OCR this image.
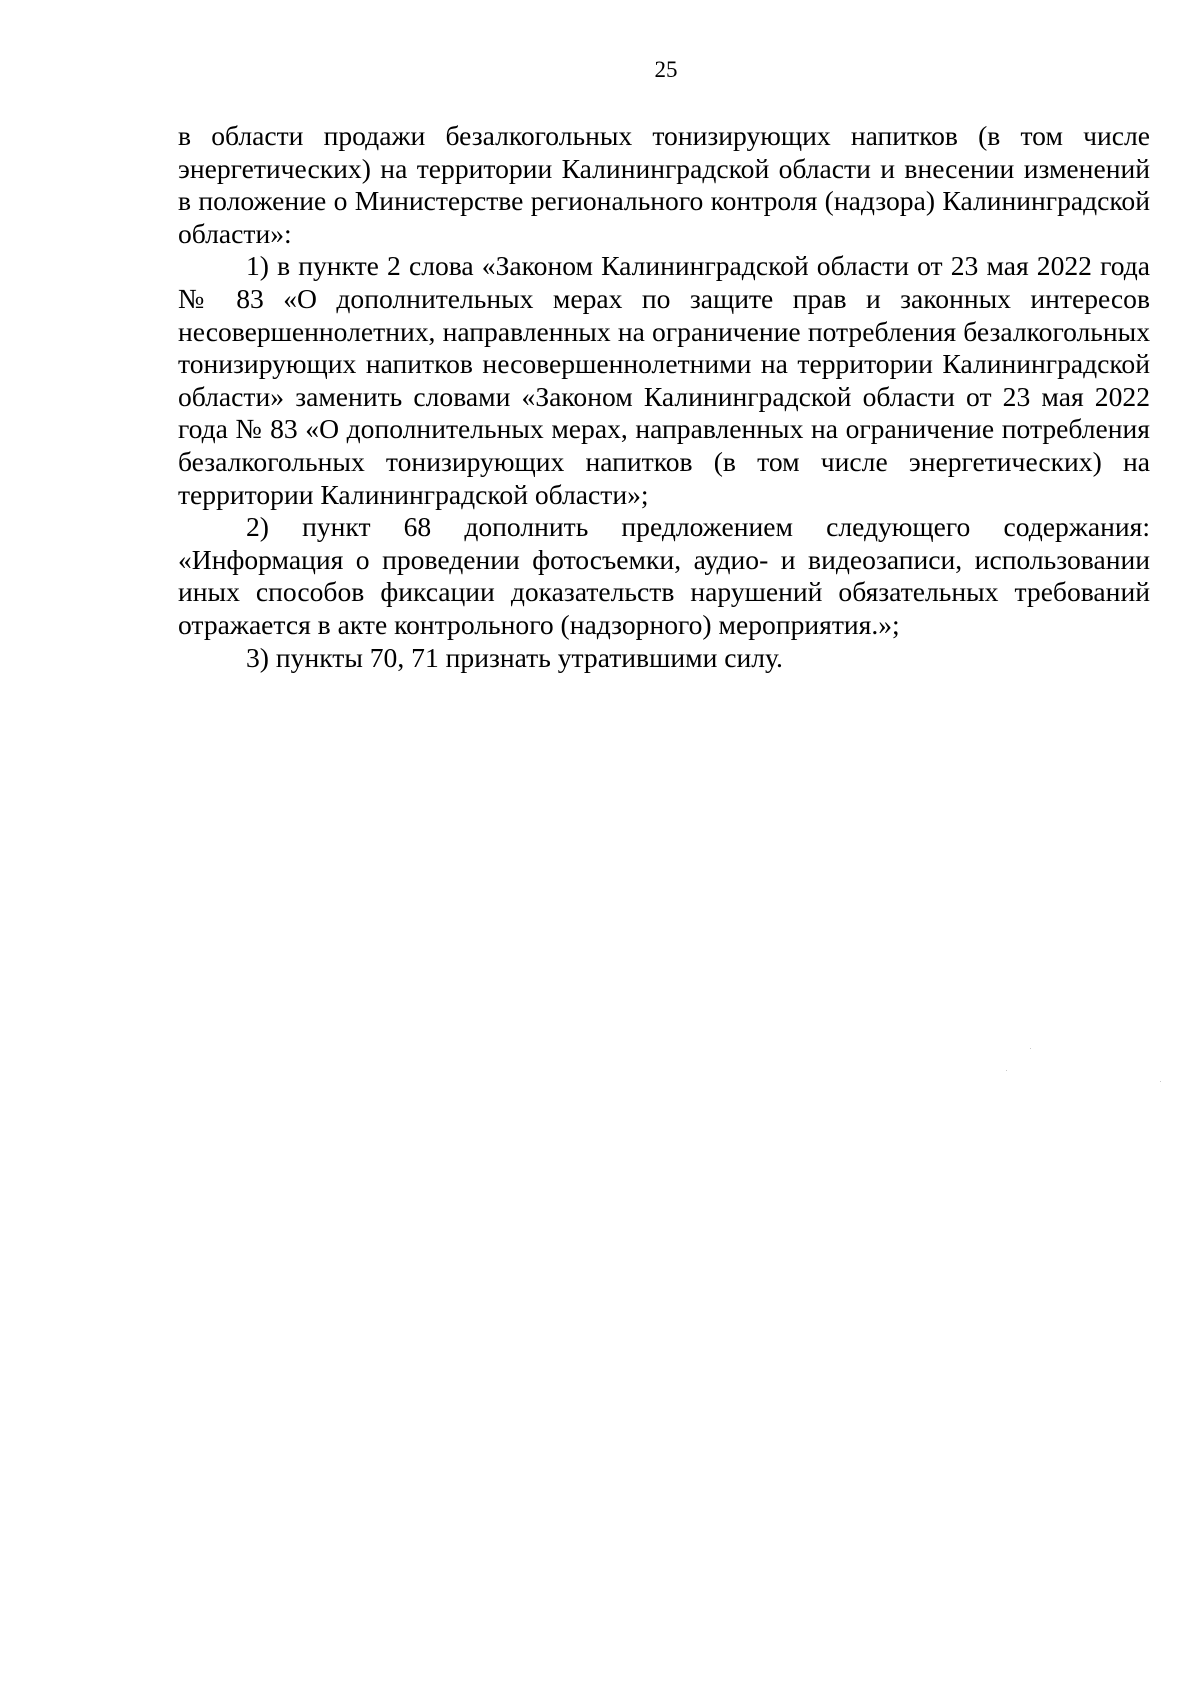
25

в области продажи безалкогольных тонизирующих напитков (в том числе энергетических) на территории Калининградской области и внесении изменений в положение о Министерстве регионального контроля (надзора) Калининградской области»:

1) в пункте 2 слова «Законом Калининградской области от 23 мая 2022 года № 83 «О дополнительных мерах по защите прав и законных интересов несовершеннолетних, направленных на ограничение потребления безалкогольных тонизирующих напитков несовершеннолетними на территории Калининградской области» заменить словами «Законом Калининградской области от 23 мая 2022 года № 83 «О дополнительных мерах, направленных на ограничение потребления безалкогольных тонизирующих напитков (в том числе энергетических) на территории Калининградской области»;

2) пункт 68 дополнить предложением следующего содержания: «Информация о проведении фотосъемки, аудио- и видеозаписи, использовании иных способов фиксации доказательств нарушений обязательных требований отражается в акте контрольного (надзорного) мероприятия.»;

3) пункты 70, 71 признать утратившими силу.
